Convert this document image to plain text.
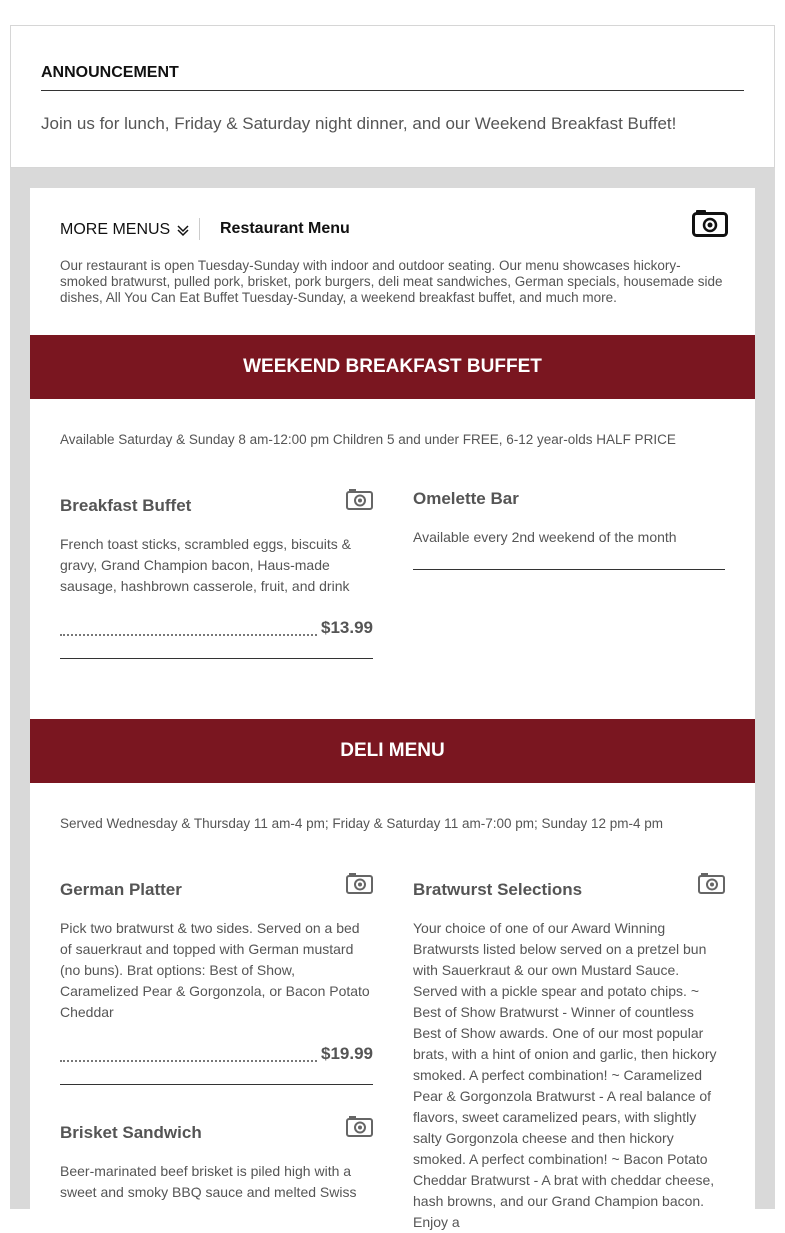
ANNOUNCEMENT
Join us for lunch, Friday & Saturday night dinner, and our Weekend Breakfast Buffet!
MORE MENUS	Restaurant Menu
Our restaurant is open Tuesday-Sunday with indoor and outdoor seating. Our menu showcases hickory-smoked bratwurst, pulled pork, brisket, pork burgers, deli meat sandwiches, German specials, housemade side dishes, All You Can Eat Buffet Tuesday-Sunday, a weekend breakfast buffet, and much more.
WEEKEND BREAKFAST BUFFET
Available Saturday & Sunday 8 am-12:00 pm Children 5 and under FREE, 6-12 year-olds HALF PRICE
Breakfast Buffet
French toast sticks, scrambled eggs, biscuits & gravy, Grand Champion bacon, Haus-made sausage, hashbrown casserole, fruit, and drink
$13.99
Omelette Bar
Available every 2nd weekend of the month
DELI MENU
Served Wednesday & Thursday 11 am-4 pm; Friday & Saturday 11 am-7:00 pm; Sunday 12 pm-4 pm
German Platter
Pick two bratwurst & two sides. Served on a bed of sauerkraut and topped with German mustard (no buns). Brat options: Best of Show, Caramelized Pear & Gorgonzola, or Bacon Potato Cheddar
$19.99
Brisket Sandwich
Beer-marinated beef brisket is piled high with a sweet and smoky BBQ sauce and melted Swiss
Bratwurst Selections
Your choice of one of our Award Winning Bratwursts listed below served on a pretzel bun with Sauerkraut & our own Mustard Sauce. Served with a pickle spear and potato chips. ~ Best of Show Bratwurst - Winner of countless Best of Show awards. One of our most popular brats, with a hint of onion and garlic, then hickory smoked. A perfect combination! ~ Caramelized Pear & Gorgonzola Bratwurst - A real balance of flavors, sweet caramelized pears, with slightly salty Gorgonzola cheese and then hickory smoked. A perfect combination! ~ Bacon Potato Cheddar Bratwurst - A brat with cheddar cheese, hash browns, and our Grand Champion bacon. Enjoy a
